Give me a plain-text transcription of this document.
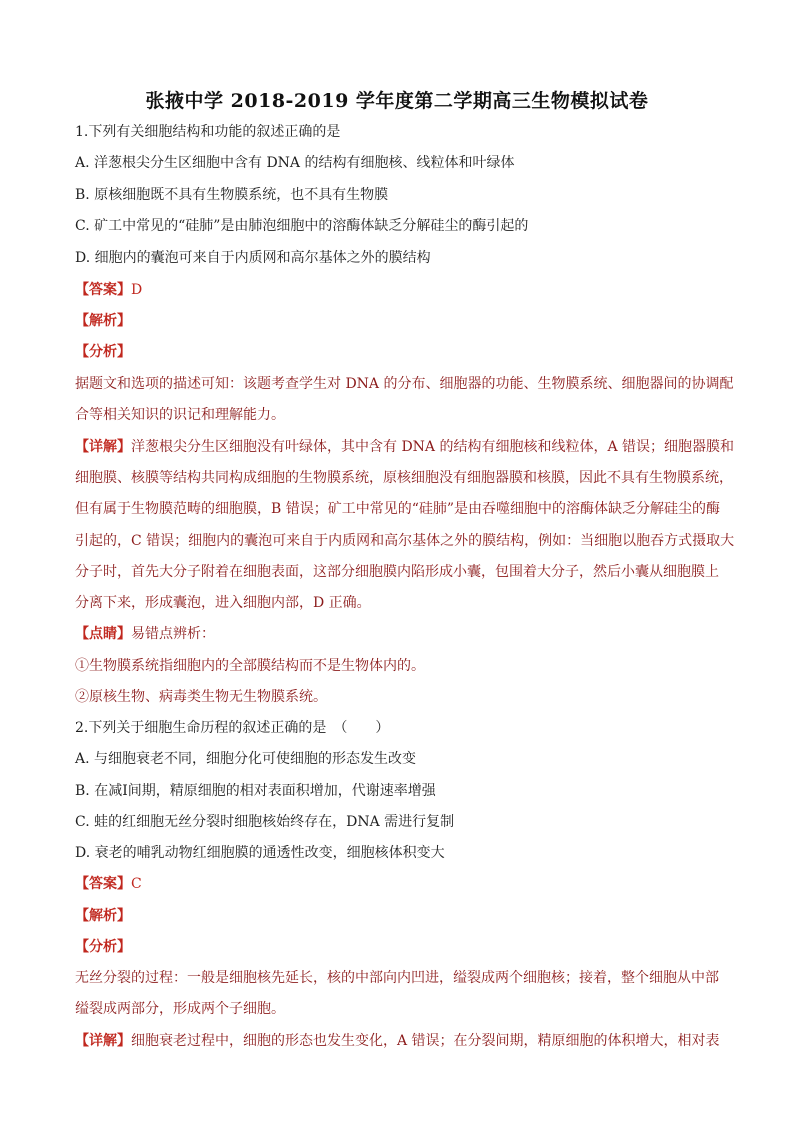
张掖中学 2018-2019 学年度第二学期高三生物模拟试卷
1.下列有关细胞结构和功能的叙述正确的是
A. 洋葱根尖分生区细胞中含有 DNA 的结构有细胞核、线粒体和叶绿体
B. 原核细胞既不具有生物膜系统，也不具有生物膜
C. 矿工中常见的“硅肺”是由肺泡细胞中的溶酶体缺乏分解硅尘的酶引起的
D. 细胞内的囊泡可来自于内质网和高尔基体之外的膜结构
【答案】D
【解析】
【分析】
据题文和选项的描述可知：该题考查学生对 DNA 的分布、细胞器的功能、生物膜系统、细胞器间的协调配
合等相关知识的识记和理解能力。
【详解】洋葱根尖分生区细胞没有叶绿体，其中含有 DNA 的结构有细胞核和线粒体，A 错误；细胞器膜和
细胞膜、核膜等结构共同构成细胞的生物膜系统，原核细胞没有细胞器膜和核膜，因此不具有生物膜系统，
但有属于生物膜范畴的细胞膜，B 错误；矿工中常见的“硅肺”是由吞噬细胞中的溶酶体缺乏分解硅尘的酶
引起的，C 错误；细胞内的囊泡可来自于内质网和高尔基体之外的膜结构，例如：当细胞以胞吞方式摄取大
分子时，首先大分子附着在细胞表面，这部分细胞膜内陷形成小囊，包围着大分子，然后小囊从细胞膜上
分离下来，形成囊泡，进入细胞内部，D 正确。
【点睛】易错点辨析：
①生物膜系统指细胞内的全部膜结构而不是生物体内的。
②原核生物、病毒类生物无生物膜系统。
2.下列关于细胞生命历程的叙述正确的是　（　　）
A. 与细胞衰老不同，细胞分化可使细胞的形态发生改变
B. 在减Ⅰ间期，精原细胞的相对表面积增加，代谢速率增强
C. 蛙的红细胞无丝分裂时细胞核始终存在，DNA 需进行复制
D. 衰老的哺乳动物红细胞膜的通透性改变，细胞核体积变大
【答案】C
【解析】
【分析】
无丝分裂的过程：一般是细胞核先延长，核的中部向内凹进，缢裂成两个细胞核；接着，整个细胞从中部
缢裂成两部分，形成两个子细胞。
【详解】细胞衰老过程中，细胞的形态也发生变化，A 错误；在分裂间期，精原细胞的体积增大，相对表
